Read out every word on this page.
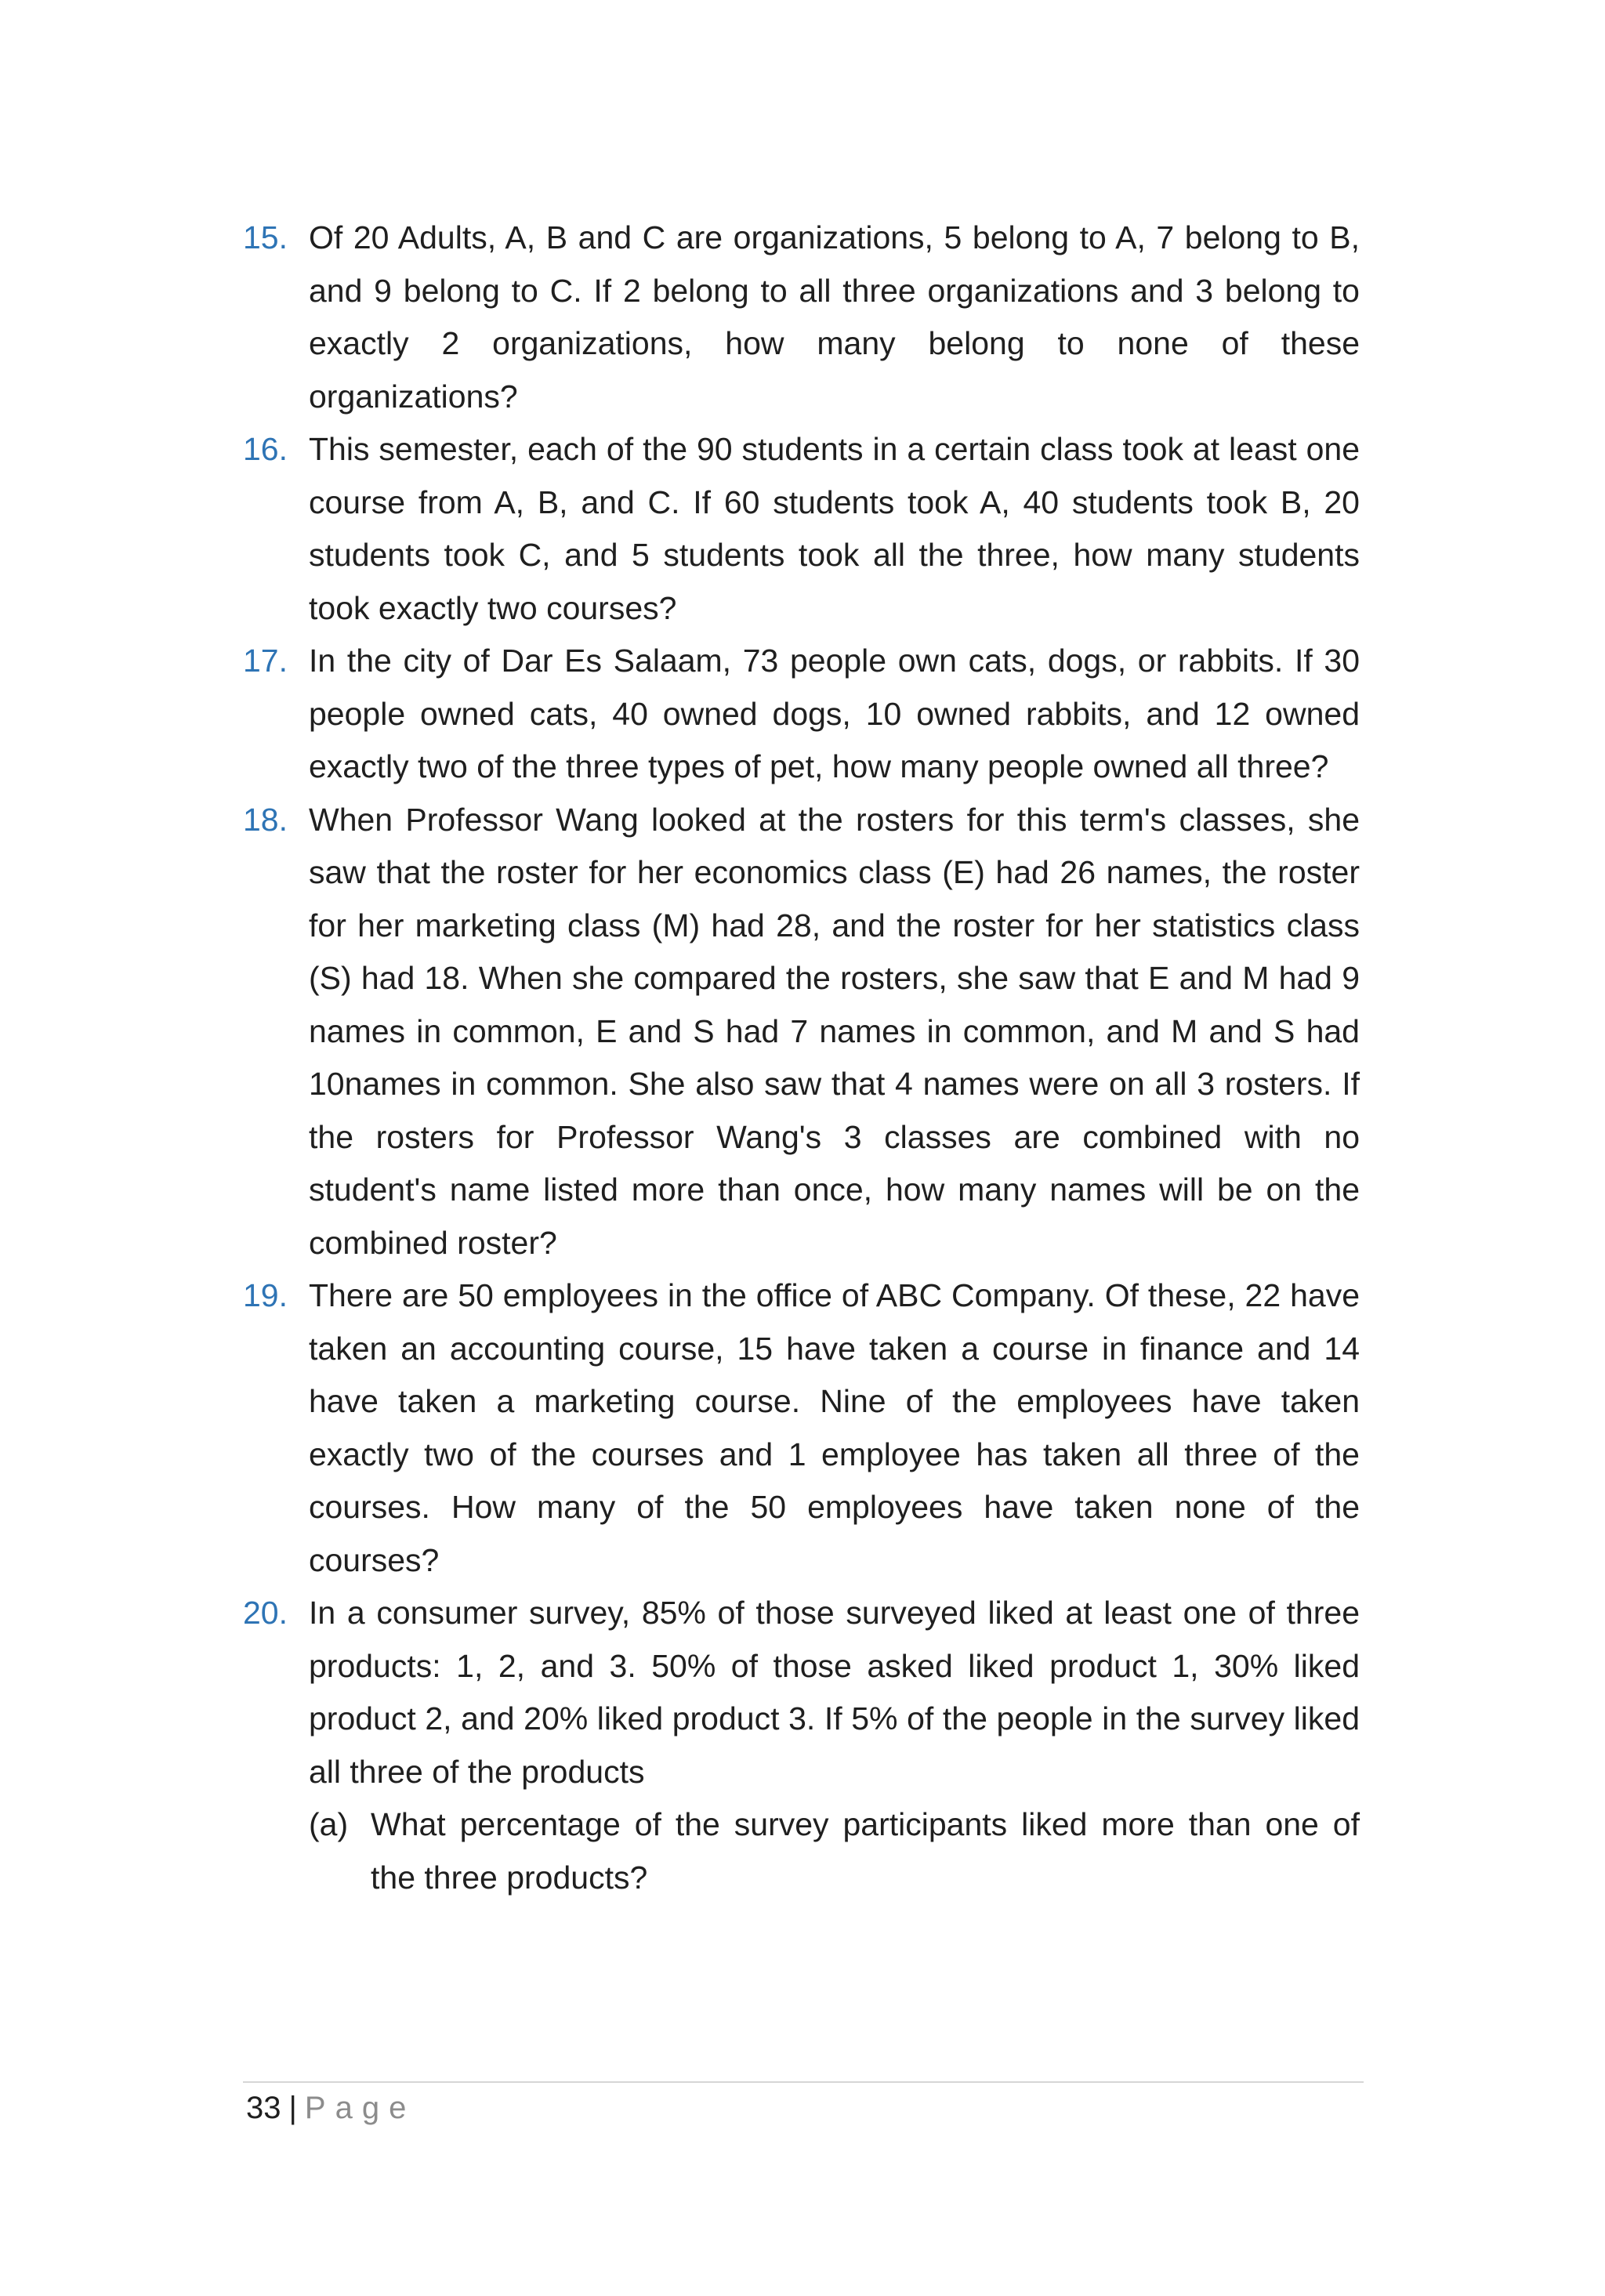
15. Of 20 Adults, A, B and C are organizations, 5 belong to A, 7 belong to B, and 9 belong to C. If 2 belong to all three organizations and 3 belong to exactly 2 organizations, how many belong to none of these organizations?
16. This semester, each of the 90 students in a certain class took at least one course from A, B, and C. If 60 students took A, 40 students took B, 20 students took C, and 5 students took all the three, how many students took exactly two courses?
17. In the city of Dar Es Salaam, 73 people own cats, dogs, or rabbits. If 30 people owned cats, 40 owned dogs, 10 owned rabbits, and 12 owned exactly two of the three types of pet, how many people owned all three?
18. When Professor Wang looked at the rosters for this term's classes, she saw that the roster for her economics class (E) had 26 names, the roster for her marketing class (M) had 28, and the roster for her statistics class (S) had 18. When she compared the rosters, she saw that E and M had 9 names in common, E and S had 7 names in common, and M and S had 10names in common. She also saw that 4 names were on all 3 rosters. If the rosters for Professor Wang's 3 classes are combined with no student's name listed more than once, how many names will be on the combined roster?
19. There are 50 employees in the office of ABC Company. Of these, 22 have taken an accounting course, 15 have taken a course in finance and 14 have taken a marketing course. Nine of the employees have taken exactly two of the courses and 1 employee has taken all three of the courses. How many of the 50 employees have taken none of the courses?
20. In a consumer survey, 85% of those surveyed liked at least one of three products: 1, 2, and 3. 50% of those asked liked product 1, 30% liked product 2, and 20% liked product 3. If 5% of the people in the survey liked all three of the products
(a) What percentage of the survey participants liked more than one of the three products?
33 | Page
